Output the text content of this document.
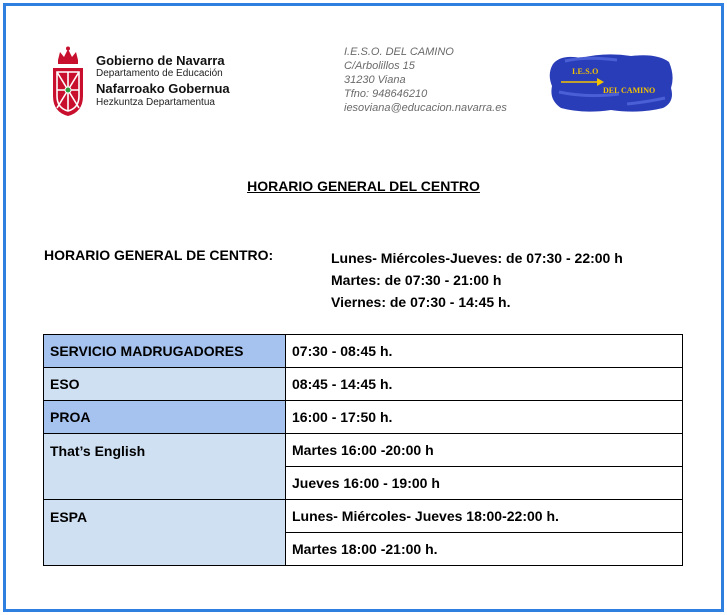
Gobierno de Navarra
Departamento de Educación
Nafarroako Gobernua
Hezkuntza Departamentua
I.E.S.O. DEL CAMINO
C/Arbolillos 15
31230 Viana
Tfno: 948646210
iesoviana@educacion.navarra.es
I.E.S.O
DEL CAMINO
HORARIO GENERAL DEL CENTRO
HORARIO GENERAL DE CENTRO:	Lunes- Miércoles-Jueves: de 07:30 - 22:00 h
Martes: de 07:30 - 21:00 h
Viernes: de 07:30 - 14:45 h.
SERVICIO MADRUGADORES	07:30 - 08:45 h.
ESO	08:45 - 14:45 h.
PROA	16:00 - 17:50 h.
That’s English	Martes 16:00 -20:00 h
	Jueves 16:00 - 19:00 h
ESPA	Lunes- Miércoles- Jueves 18:00-22:00 h.
	Martes 18:00 -21:00 h.
